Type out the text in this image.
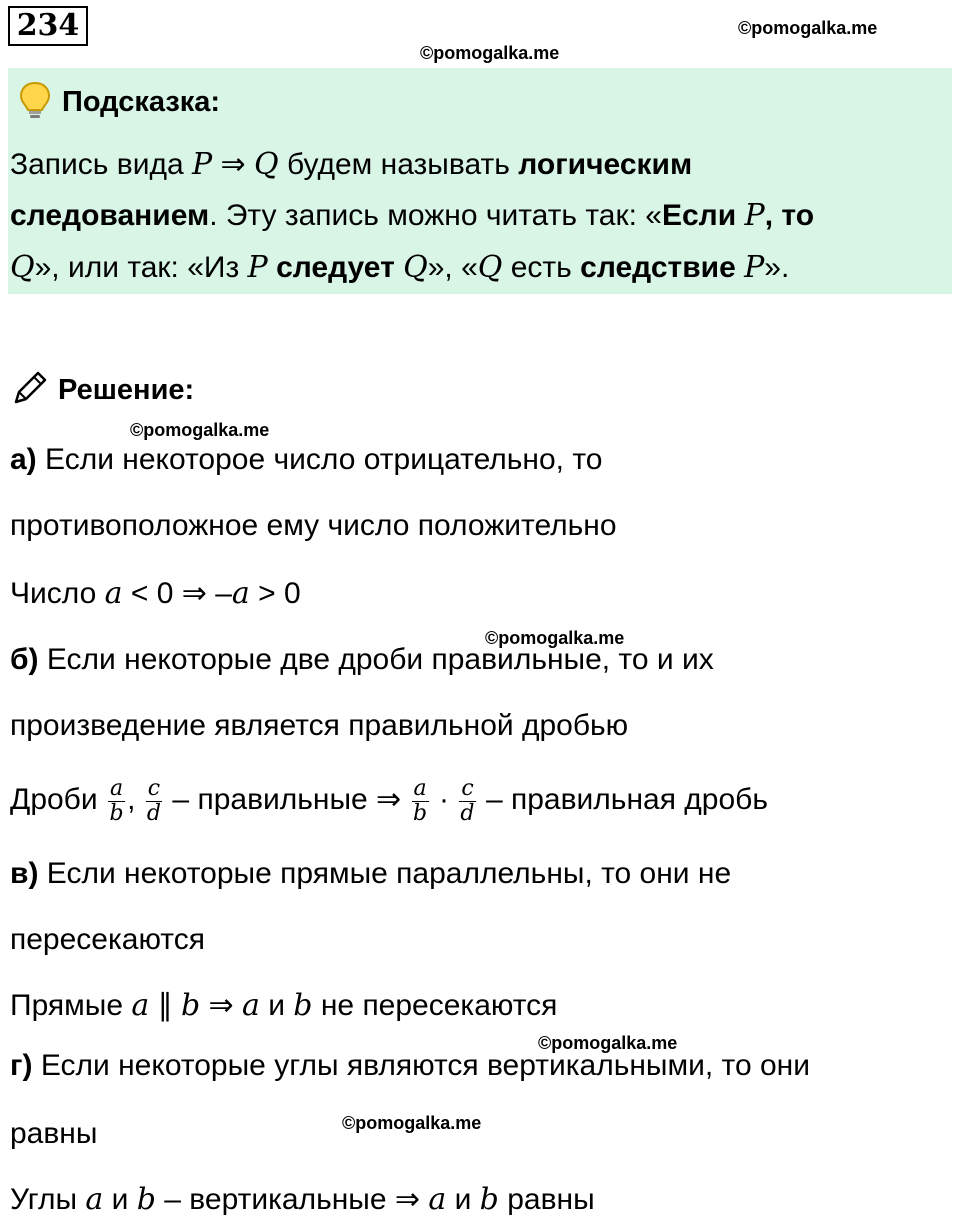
234	©pomogalka.me
©pomogalka.me
Подсказка:
Запись вида P ⇒ Q будем называть логическим
следованием. Эту запись можно читать так: «Если P, то
Q», или так: «Из P следует Q», «Q есть следствие P».
Решение:
©pomogalka.me
а) Если некоторое число отрицательно, то
противоположное ему число положительно
Число a < 0 ⇒ –a > 0
©pomogalka.me
б) Если некоторые две дроби правильные, то и их
произведение является правильной дробью
Дроби $\frac{a}{b}$ , $\frac{c}{d}$ – правильные ⇒ $\frac{a}{b} \cdot \frac{c}{d}$ – правильная дробь
в) Если некоторые прямые параллельны, то они не
пересекаются
Прямые a ∥ b ⇒ a и b не пересекаются
©pomogalka.me
г) Если некоторые углы являются вертикальными, то они
©pomogalka.me
равны
Углы a и b – вертикальные ⇒ a и b равны
